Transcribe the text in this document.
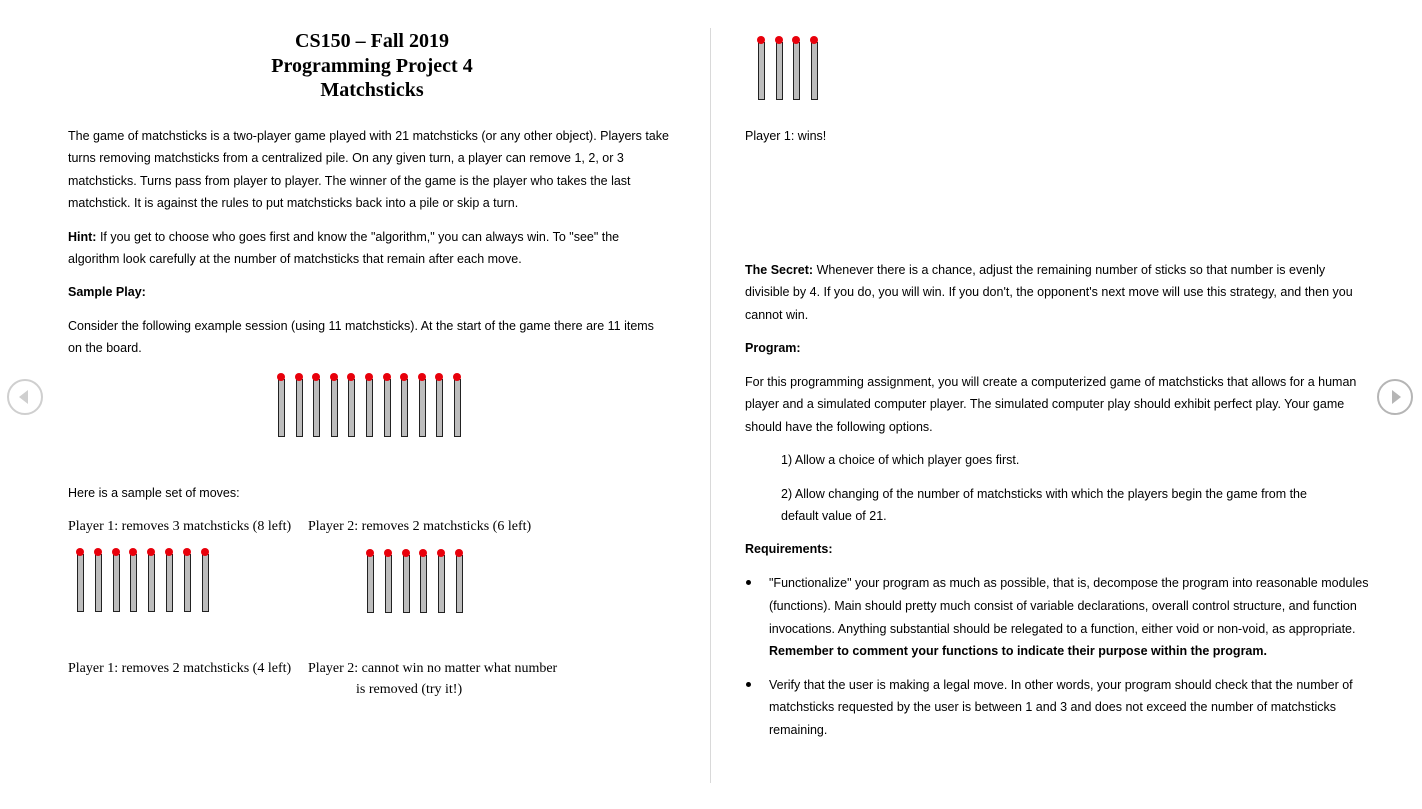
CS150 – Fall 2019
Programming Project 4
Matchsticks

The game of matchsticks is a two-player game played with 21 matchsticks (or any other object). Players take turns removing matchsticks from a centralized pile. On any given turn, a player can remove 1, 2, or 3 matchsticks. Turns pass from player to player. The winner of the game is the player who takes the last matchstick. It is against the rules to put matchsticks back into a pile or skip a turn.

Hint: If you get to choose who goes first and know the "algorithm," you can always win. To "see" the algorithm look carefully at the number of matchsticks that remain after each move.

Sample Play:

Consider the following example session (using 11 matchsticks). At the start of the game there are 11 items on the board.

Here is a sample set of moves:

Player 1: removes 3 matchsticks (8 left) Player 2: removes 2 matchsticks (6 left)

Player 1: removes 2 matchsticks (4 left) Player 2: cannot win no matter what number

is removed (try it!)

Player 1: wins!

The Secret: Whenever there is a chance, adjust the remaining number of sticks so that number is evenly divisible by 4. If you do, you will win. If you don't, the opponent's next move will use this strategy, and then you cannot win.

Program:

For this programming assignment, you will create a computerized game of matchsticks that allows for a human player and a simulated computer player. The simulated computer play should exhibit perfect play. Your game should have the following options.

1) Allow a choice of which player goes first.

2) Allow changing of the number of matchsticks with which the players begin the game from the default value of 21.

Requirements:

"Functionalize" your program as much as possible, that is, decompose the program into reasonable modules
(functions). Main should pretty much consist of variable declarations, overall control structure, and function
invocations. Anything substantial should be relegated to a function, either void or non-void, as appropriate.
Remember to comment your functions to indicate their purpose within the program.
Verify that the user is making a legal move. In other words, your program should check that the number of
matchsticks requested by the user is between 1 and 3 and does not exceed the number of matchsticks
remaining.
